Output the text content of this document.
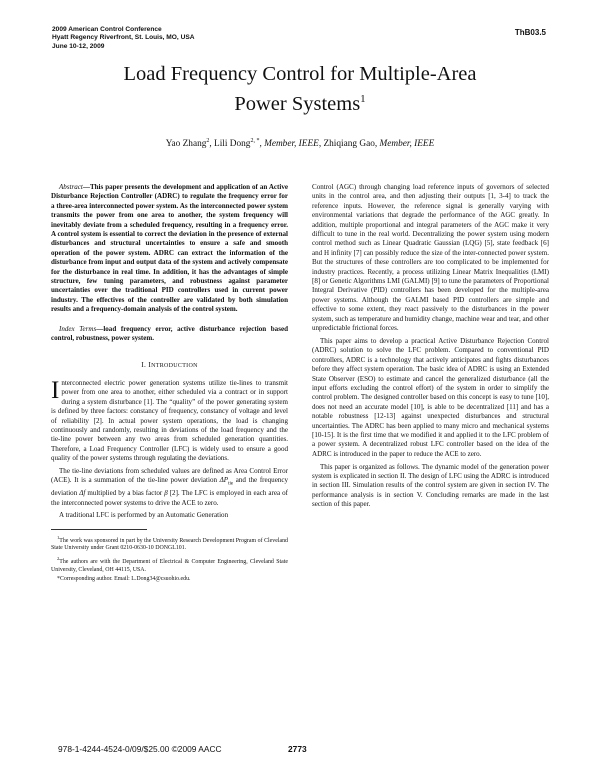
2009 American Control Conference
Hyatt Regency Riverfront, St. Louis, MO, USA
June 10-12, 2009
ThB03.5
Load Frequency Control for Multiple-Area
Power Systems$^1$
Yao Zhang$^2$, Lili Dong$^{2, *}$, Member, IEEE, Zhiqiang Gao, Member, IEEE

Abstract—This paper presents the development and application of an Active Disturbance Rejection Controller (ADRC) to regulate the frequency error for a three-area interconnected power system. As the interconnected power system transmits the power from one area to another, the system frequency will inevitably deviate from a scheduled frequency, resulting in a frequency error. A control system is essential to correct the deviation in the presence of external disturbances and structural uncertainties to ensure a safe and smooth operation of the power system. ADRC can extract the information of the disturbance from input and output data of the system and actively compensate for the disturbance in real time. In addition, it has the advantages of simple structure, few tuning parameters, and robustness against parameter uncertainties over the traditional PID controllers used in current power industry. The effectives of the controller are validated by both simulation results and a frequency-domain analysis of the control system.

Index Terms—load frequency error, active disturbance rejection based control, robustness, power system.

I. INTRODUCTION

Interconnected electric power generation systems utilize tie-lines to transmit power from one area to another, either scheduled via a contract or in support during a system disturbance [1]. The “quality” of the power generating system is defined by three factors: constancy of frequency, constancy of voltage and level of reliability [2]. In actual power system operations, the load is changing continuously and randomly, resulting in deviations of the load frequency and the tie-line power between any two areas from scheduled generation quantities. Therefore, a Load Frequency Controller (LFC) is widely used to ensure a good quality of the power systems through regulating the deviations.

The tie-line deviations from scheduled values are defined as Area Control Error (ACE). It is a summation of the tie-line power deviation $\Delta P_{tie}$ and the frequency deviation Δf multiplied by a bias factor β [2]. The LFC is employed in each area of the interconnected power systems to drive the ACE to zero.

A traditional LFC is performed by an Automatic Generation

$^1$The work was sponsored in part by the University Research Development Program of Cleveland State University under Grant 0210-0630-10 DONGL101.

$^2$The authors are with the Department of Electrical & Computer Engineering, Cleveland State University, Cleveland, OH 44115, USA.

*Corresponding author. Email: L.Dong34@csuohio.edu.

Control (AGC) through changing load reference inputs of governors of selected units in the control area, and then adjusting their outputs [1, 3-4] to track the reference inputs. However, the reference signal is generally varying with environmental variations that degrade the performance of the AGC greatly. In addition, multiple proportional and integral parameters of the AGC make it very difficult to tune in the real world. Decentralizing the power system using modern control method such as Linear Quadratic Gaussian (LQG) [5], state feedback [6] and H infinity [7] can possibly reduce the size of the inter-connected power system. But the structures of these controllers are too complicated to be implemented for industry practices. Recently, a process utilizing Linear Matrix Inequalities (LMI) [8] or Genetic Algorithms LMI (GALMI) [9] to tune the parameters of Proportional Integral Derivative (PID) controllers has been developed for the multiple-area power systems. Although the GALMI based PID controllers are simple and effective to some extent, they react passively to the disturbances in the power system, such as temperature and humidity change, machine wear and tear, and other unpredictable frictional forces.

This paper aims to develop a practical Active Disturbance Rejection Control (ADRC) solution to solve the LFC problem. Compared to conventional PID controllers, ADRC is a technology that actively anticipates and fights disturbances before they affect system operation. The basic idea of ADRC is using an Extended State Observer (ESO) to estimate and cancel the generalized disturbance (all the input efforts excluding the control effort) of the system in order to simplify the control problem. The designed controller based on this concept is easy to tune [10], does not need an accurate model [10], is able to be decentralized [11] and has a notable robustness [12-13] against unexpected disturbances and structural uncertainties. The ADRC has been applied to many micro and mechanical systems [10-15]. It is the first time that we modified it and applied it to the LFC problem of a power system. A decentralized robust LFC controller based on the idea of the ADRC is introduced in the paper to reduce the ACE to zero.

This paper is organized as follows. The dynamic model of the generation power system is explicated in section II. The design of LFC using the ADRC is introduced in section III. Simulation results of the control system are given in section IV. The performance analysis is in section V. Concluding remarks are made in the last section of this paper.

978-1-4244-4524-0/09/$25.00 ©2009 AACC	2773
